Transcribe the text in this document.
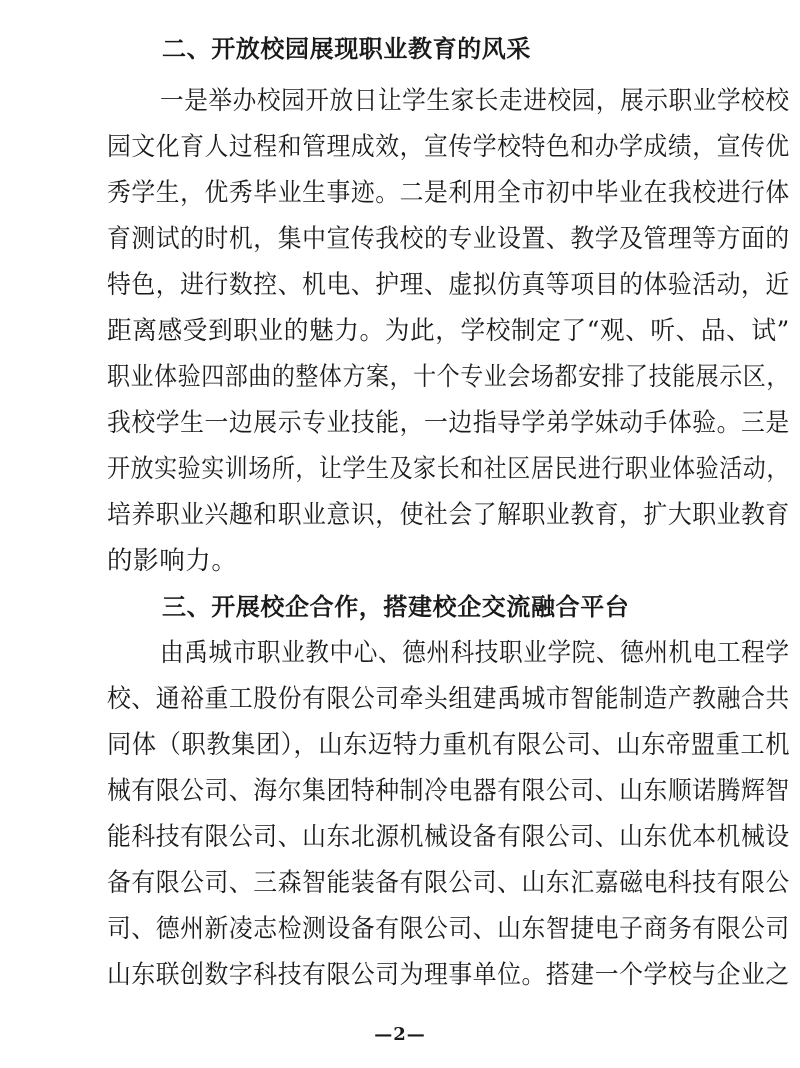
二、开放校园展现职业教育的风采
一是举办校园开放日让学生家长走进校园，展示职业学校校
园文化育人过程和管理成效，宣传学校特色和办学成绩，宣传优
秀学生，优秀毕业生事迹。二是利用全市初中毕业在我校进行体
育测试的时机，集中宣传我校的专业设置、教学及管理等方面的
特色，进行数控、机电、护理、虚拟仿真等项目的体验活动，近
距离感受到职业的魅力。为此，学校制定了“观、听、品、试”
职业体验四部曲的整体方案，十个专业会场都安排了技能展示区，
我校学生一边展示专业技能，一边指导学弟学妹动手体验。三是
开放实验实训场所，让学生及家长和社区居民进行职业体验活动，
培养职业兴趣和职业意识，使社会了解职业教育，扩大职业教育
的影响力。
三、开展校企合作，搭建校企交流融合平台
由禹城市职业教中心、德州科技职业学院、德州机电工程学
校、通裕重工股份有限公司牵头组建禹城市智能制造产教融合共
同体（职教集团），山东迈特力重机有限公司、山东帝盟重工机
械有限公司、海尔集团特种制冷电器有限公司、山东顺诺腾辉智
能科技有限公司、山东北源机械设备有限公司、山东优本机械设
备有限公司、三森智能装备有限公司、山东汇嘉磁电科技有限公
司、德州新凌志检测设备有限公司、山东智捷电子商务有限公司
山东联创数字科技有限公司为理事单位。搭建一个学校与企业之
—2—
